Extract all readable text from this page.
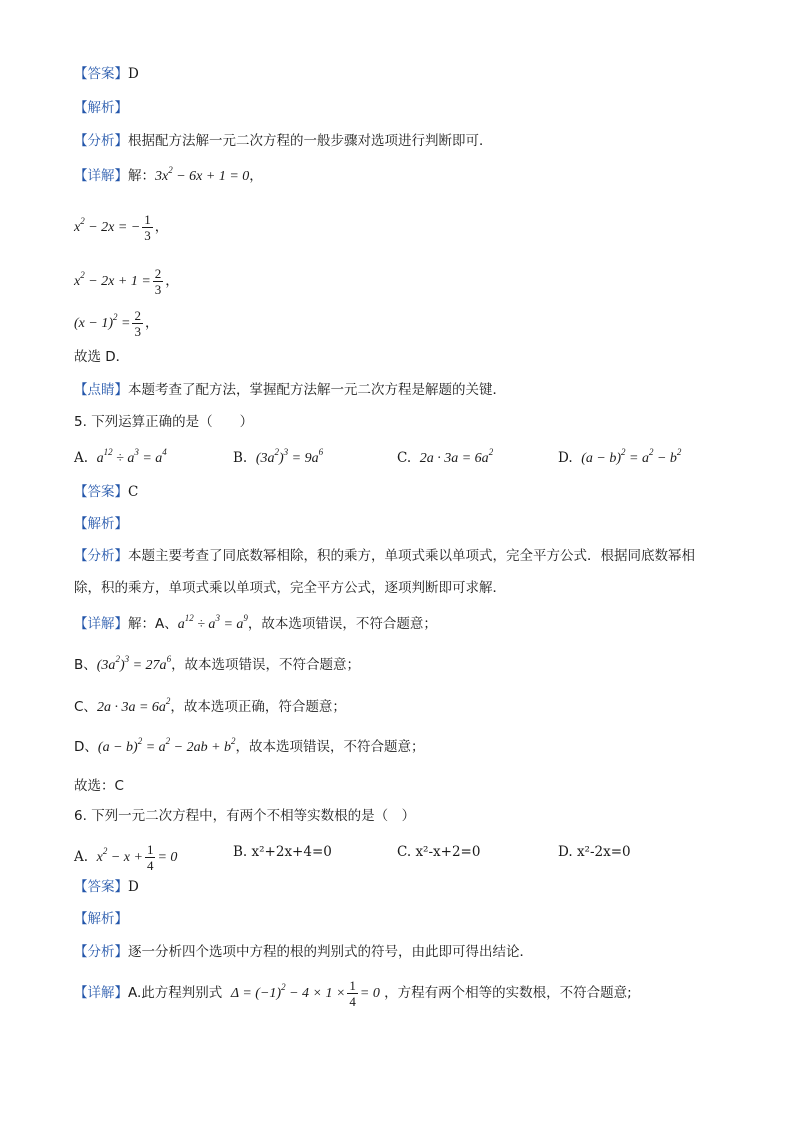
【答案】D
【解析】
【分析】根据配方法解一元二次方程的一般步骤对选项进行判断即可．
【详解】解：$3x^2 - 6x + 1 = 0$，
$x^2 - 2x$ = − $\frac{1}{3}$ ，
$x^2 - 2x + 1 = \frac{2}{3}$ ，
$(x - 1)^2 = \frac{2}{3}$ ，
故选 D．
【点睛】本题考查了配方法，掌握配方法解一元二次方程是解题的关键．
5. 下列运算正确的是（　　）
A. $a^{12} \div a^3 = a^4$	B. $(3a^2)^3 = 9a^6$	C. $2a \cdot 3a = 6a^2$	D. $(a - b)^2 = a^2 - b^2$
【答案】C
【解析】
【分析】本题主要考查了同底数幂相除，积的乘方，单项式乘以单项式，完全平方公式．根据同底数幂相
除，积的乘方，单项式乘以单项式，完全平方公式，逐项判断即可求解．
【详解】解：A、$a^{12} \div a^3 = a^9$，故本选项错误，不符合题意；
B、$(3a^2)^3 = 27a^6$，故本选项错误，不符合题意；
C、$2a \cdot 3a = 6a^2$，故本选项正确，符合题意；
D、$(a - b)^2 = a^2 - 2ab + b^2$，故本选项错误，不符合题意；
故选：C
6. 下列一元二次方程中，有两个不相等实数根的是（　）
A. $x^2 - x + \frac{1}{4} = 0$	B. x²+2x+4=0	C. x²-x+2=0	D. x²-2x=0
【答案】D
【解析】
【分析】逐一分析四个选项中方程的根的判别式的符号，由此即可得出结论．
【详解】A.此方程判别式 $\Delta = (-1)^2 - 4 \times 1 \times \frac{1}{4} = 0$ ，方程有两个相等的实数根，不符合题意;
